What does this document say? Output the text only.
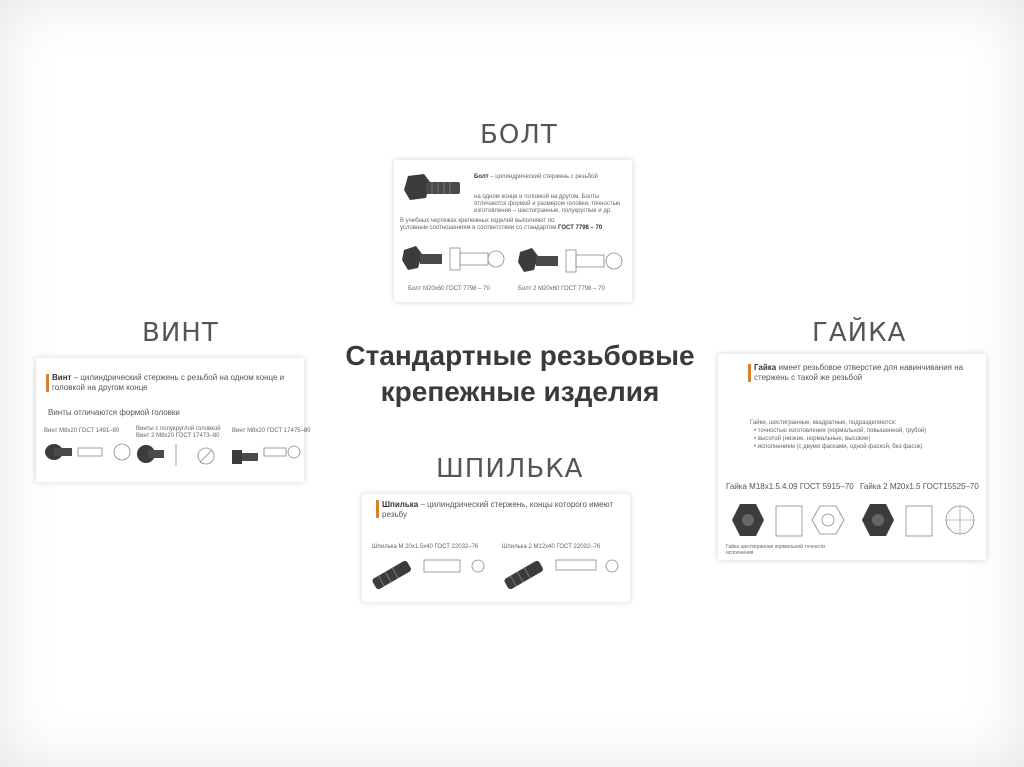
Стандартные резьбовые крепежные изделия
БОЛТ
Болт – цилиндрический стержень с резьбой
на одном конце и головкой на другом. Болты
отличаются формой и размером головки, точностью
изготовления – шестигранные, полукруглые и др.
В учебных чертежах крепежных изделий выполняют по
условным соотношениям в соответствии со стандартом ГОСТ 7798 – 70
Болт М20х60 ГОСТ 7798 – 70	Болт 2 М20х60 ГОСТ 7798 – 70
ВИНТ
Винт – цилиндрический стержень с резьбой на одном конце и
головкой на другом конце
Винты отличаются формой головки
Винт М8х20 ГОСТ 1491–80	Винты с полукруглой головкой
Винт 2 М8х20 ГОСТ 17473–80
Винт М8х20 ГОСТ 17475–80
ГАЙКА
Гайка имеет резьбовое отверстие для навинчивания на
стержень с такой же резьбой
Гайки, шестигранные, квадратные, подразделяются:
• точностью изготовления (нормальной, повышенной, грубой)
• высотой (низкие, нормальные, высокие)
• исполнением (с двумя фасками, одной фаской, без фасок)
Гайка М18х1.5.4.09 ГОСТ 5915–70 Гайка 2 М20х1.5 ГОСТ15525–70
Гайка шестигранная нормальной точности исполнения
ШПИЛЬКА
Шпилька – цилиндрический стержень, концы которого имеют
резьбу
Шпилька М 20х1.5х40 ГОСТ 22032–76	Шпилька 2 М12х40 ГОСТ 22032–76
